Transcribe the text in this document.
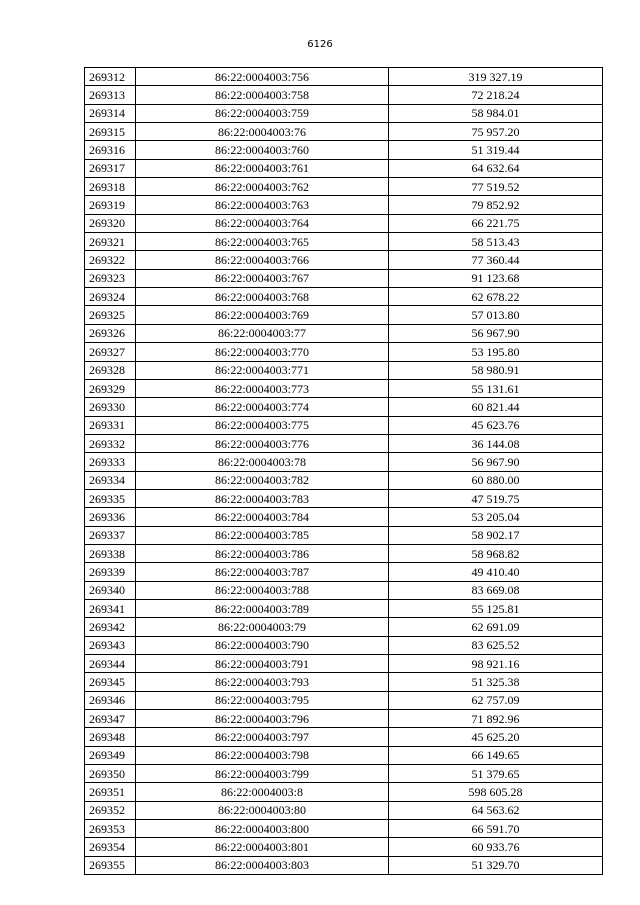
6126
269312	86:22:0004003:756	319 327.19
269313	86:22:0004003:758	72 218.24
269314	86:22:0004003:759	58 984.01
269315	86:22:0004003:76	75 957.20
269316	86:22:0004003:760	51 319.44
269317	86:22:0004003:761	64 632.64
269318	86:22:0004003:762	77 519.52
269319	86:22:0004003:763	79 852.92
269320	86:22:0004003:764	66 221.75
269321	86:22:0004003:765	58 513.43
269322	86:22:0004003:766	77 360.44
269323	86:22:0004003:767	91 123.68
269324	86:22:0004003:768	62 678.22
269325	86:22:0004003:769	57 013.80
269326	86:22:0004003:77	56 967.90
269327	86:22:0004003:770	53 195.80
269328	86:22:0004003:771	58 980.91
269329	86:22:0004003:773	55 131.61
269330	86:22:0004003:774	60 821.44
269331	86:22:0004003:775	45 623.76
269332	86:22:0004003:776	36 144.08
269333	86:22:0004003:78	56 967.90
269334	86:22:0004003:782	60 880.00
269335	86:22:0004003:783	47 519.75
269336	86:22:0004003:784	53 205.04
269337	86:22:0004003:785	58 902.17
269338	86:22:0004003:786	58 968.82
269339	86:22:0004003:787	49 410.40
269340	86:22:0004003:788	83 669.08
269341	86:22:0004003:789	55 125.81
269342	86:22:0004003:79	62 691.09
269343	86:22:0004003:790	83 625.52
269344	86:22:0004003:791	98 921.16
269345	86:22:0004003:793	51 325.38
269346	86:22:0004003:795	62 757.09
269347	86:22:0004003:796	71 892.96
269348	86:22:0004003:797	45 625.20
269349	86:22:0004003:798	66 149.65
269350	86:22:0004003:799	51 379.65
269351	86:22:0004003:8	598 605.28
269352	86:22:0004003:80	64 563.62
269353	86:22:0004003:800	66 591.70
269354	86:22:0004003:801	60 933.76
269355	86:22:0004003:803	51 329.70
